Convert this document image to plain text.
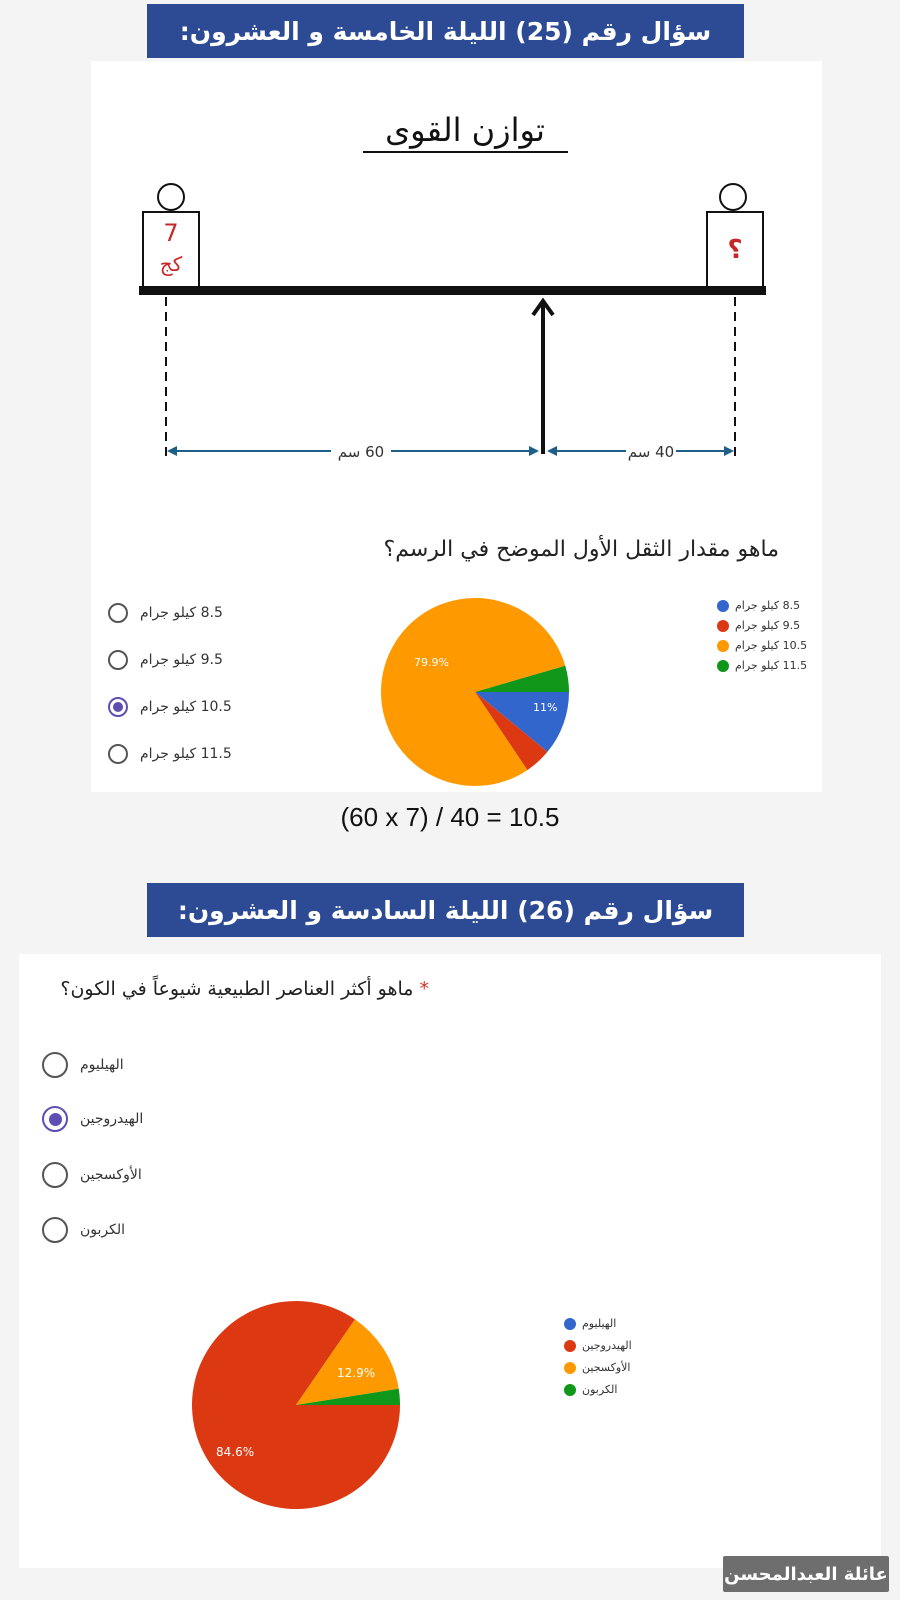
سؤال رقم (25) الليلة الخامسة و العشرون:
توازن القوى
7
كج	؟
60 سم	40 سم
ماهو مقدار الثقل الأول الموضح في الرسم؟
8.5 كيلو جرام
9.5 كيلو جرام
10.5 كيلو جرام
11.5 كيلو جرام
79.9%
11%
8.5 كيلو جرام
9.5 كيلو جرام
10.5 كيلو جرام
11.5 كيلو جرام
(60 x 7) / 40 = 10.5
سؤال رقم (26) الليلة السادسة و العشرون:
* ماهو أكثر العناصر الطبيعية شيوعاً في الكون؟
الهيليوم
الهيدروجين
الأوكسجين
الكربون
12.9%
84.6%
الهيليوم
الهيدروجين
الأوكسجين
الكربون
عائلة العبدالمحسن
